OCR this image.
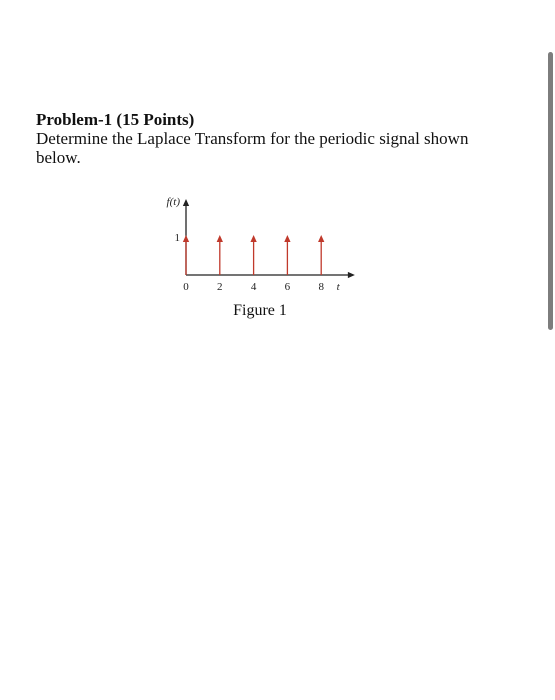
Problem-1 (15 Points)

Determine the Laplace Transform for the periodic signal shown below.

f(t)
t
1
0	2	4	6	8
Figure 1
